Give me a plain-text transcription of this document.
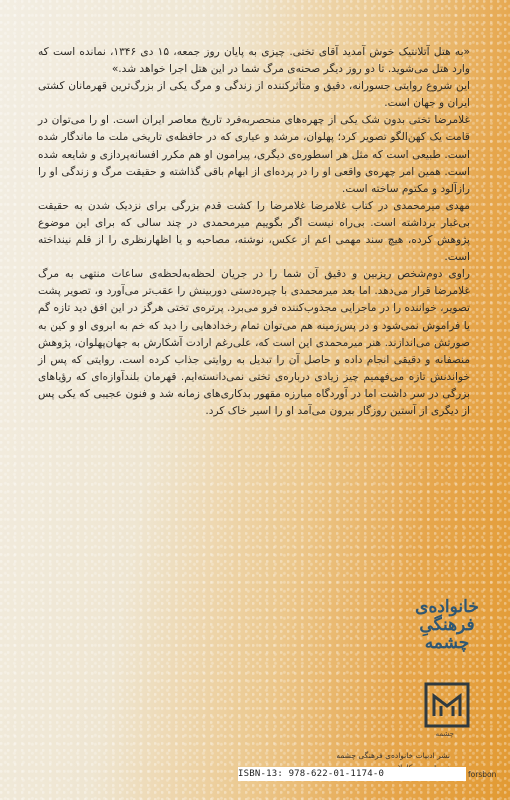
«به هتل آتلانتیک خوش آمدید آقای تختی. چیزی به پایان روز جمعه، ۱۵ دی ۱۳۴۶، نمانده است که وارد هتل می‌شوید. تا دو روز دیگر صحنه‌ی مرگ شما در این هتل اجرا خواهد شد.»

این شروع روایتی جسورانه، دقیق و متأثرکننده از زندگی و مرگ یکی از بزرگ‌ترین قهرمانان کشتی ایران و جهان است.

غلامرضا تختی بدون شک یکی از چهره‌های منحصربه‌فرد تاریخ معاصر ایران است. او را می‌توان در قامت یک کهن‌الگو تصویر کرد؛ پهلوان، مرشد و عیاری که در حافظه‌ی تاریخی ملت ما ماندگار شده است. طبیعی است که مثل هر اسطوره‌ی دیگری، پیرامون او هم مکرر افسانه‌پردازی و شایعه شده است. همین امر چهره‌ی واقعی او را در پرده‌ای از ابهام باقی گذاشته و حقیقت مرگ و زندگی او را رازآلود و مکتوم ساخته است.

مهدی میرمحمدی در کتاب غلامرضا غلامرضا را کشت قدم بزرگی برای نزدیک شدن به حقیقت بی‌غبار برداشته است. بی‌راه نیست اگر بگوییم میرمحمدی در چند سالی که برای این موضوع پژوهش کرده، هیچ سند مهمی اعم از عکس، نوشته، مصاحبه و یا اظهارنظری را از قلم نینداخته است.

راوی دوم‌شخص ریزبین و دقیق آن شما را در جریان لحظه‌به‌لحظه‌ی ساعات منتهی به مرگ غلامرضا قرار می‌دهد. اما بعد میرمحمدی با چیره‌دستی دوربینش را عقب‌تر می‌آورد و، تصویر پشت تصویر، خواننده را در ماجرایی مجذوب‌کننده فرو می‌برد. پرتره‌ی تختی هرگز در این افق دید تازه گم یا فراموش نمی‌شود و در پس‌زمینه هم می‌توان تمام رخدادهایی را دید که خم به ابروی او و کین به صورتش می‌اندازند. هنر میرمحمدی این است که، علی‌رغم ارادت آشکارش به جهان‌پهلوان، پژوهش منصفانه و دقیقی انجام داده و حاصل آن را تبدیل به روایتی جذاب کرده است. روایتی که پس از خواندنش تازه می‌فهمیم چیز زیادی درباره‌ی تختی نمی‌دانسته‌ایم. قهرمان بلندآوازه‌ای که رؤیاهای بزرگی در سر داشت اما در آوردگاه مبارزه مقهور بدکاری‌های زمانه شد و فنون عجیبی که یکی پس از دیگری از آستین روزگار بیرون می‌آمد او را اسیر خاک کرد.

خانواده‌ی
فرهنگیِ
چشمه
چشمه
نشر ادبیات خانواده‌ی فرهنگی چشمه
ISBN-13: 978-622-01-1174-0	forsbon
